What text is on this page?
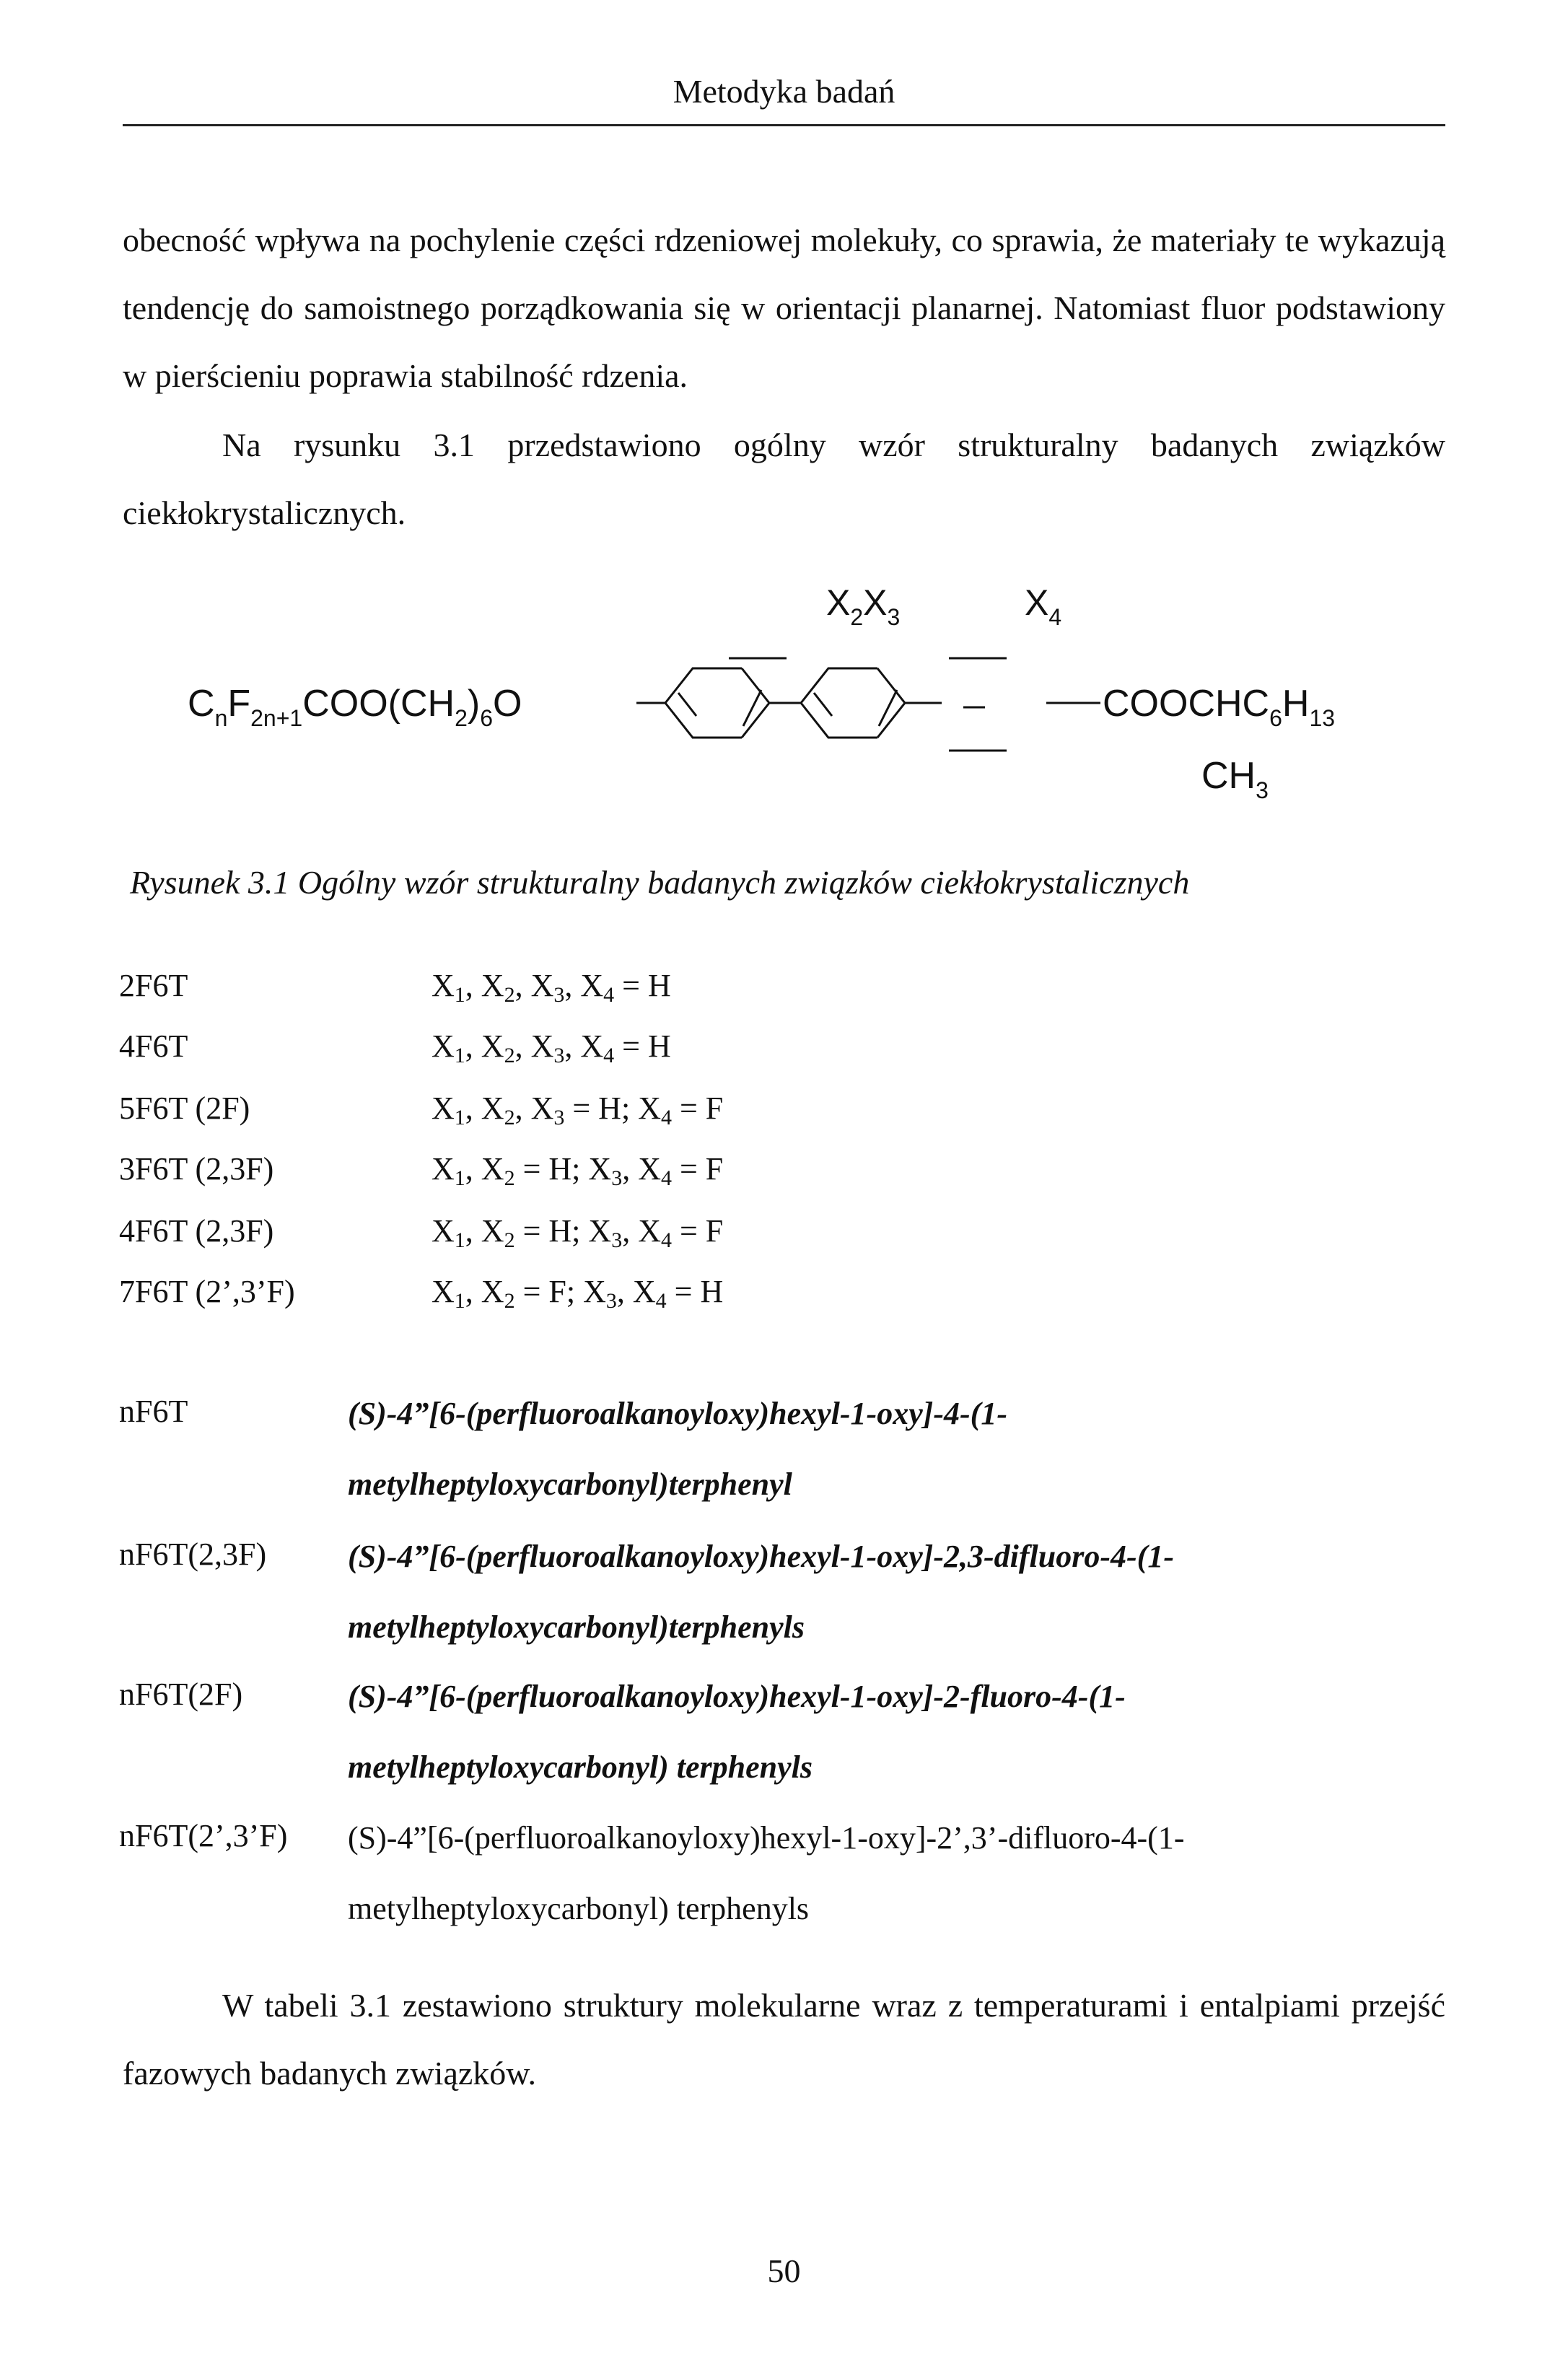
Metodyka badań

obecność wpływa na pochylenie części rdzeniowej molekuły, co sprawia, że materiały te wykazują tendencję do samoistnego porządkowania się w orientacji planarnej. Natomiast fluor podstawiony w pierścieniu poprawia stabilność rdzenia.

Na rysunku 3.1 przedstawiono ogólny wzór strukturalny badanych związków ciekłokrystalicznych.

$X_2X_3$	$X_4$
$C_nF_{2n+1}COO(CH_2)_6O$	$COOCHC_6H_{13}$
$CH_3$
Rysunek 3.1 Ogólny wzór strukturalny badanych związków ciekłokrystalicznych
2F6T	$X_1$, $X_2$, $X_3$, $X_4 = H$
4F6T	$X_1$, $X_2$, $X_3$, $X_4 = H$
5F6T (2F)	$X_1$, $X_2$, $X_3 = H$; $X_4 = F$
3F6T (2,3F)	$X_1$, $X_2 = H$; $X_3$, $X_4 = F$
4F6T (2,3F)	$X_1$, $X_2 = H$; $X_3$, $X_4 = F$
7F6T (2’,3’F)	$X_1$, $X_2 = F$; $X_3$, $X_4 = H$
nF6T	(S)-4”[6-(perfluoroalkanoyloxy)hexyl-1-oxy]-4-(1-
metylheptyloxycarbonyl)terphenyl
nF6T(2,3F)	(S)-4”[6-(perfluoroalkanoyloxy)hexyl-1-oxy]-2,3-difluoro-4-(1-
metylheptyloxycarbonyl)terphenyls
nF6T(2F)	(S)-4”[6-(perfluoroalkanoyloxy)hexyl-1-oxy]-2-fluoro-4-(1-
metylheptyloxycarbonyl) terphenyls
nF6T(2’,3’F) (S)-4”[6-(perfluoroalkanoyloxy)hexyl-1-oxy]-2’,3’-difluoro-4-(1-
metylheptyloxycarbonyl) terphenyls

W tabeli 3.1 zestawiono struktury molekularne wraz z temperaturami i entalpiami przejść fazowych badanych związków.

50
